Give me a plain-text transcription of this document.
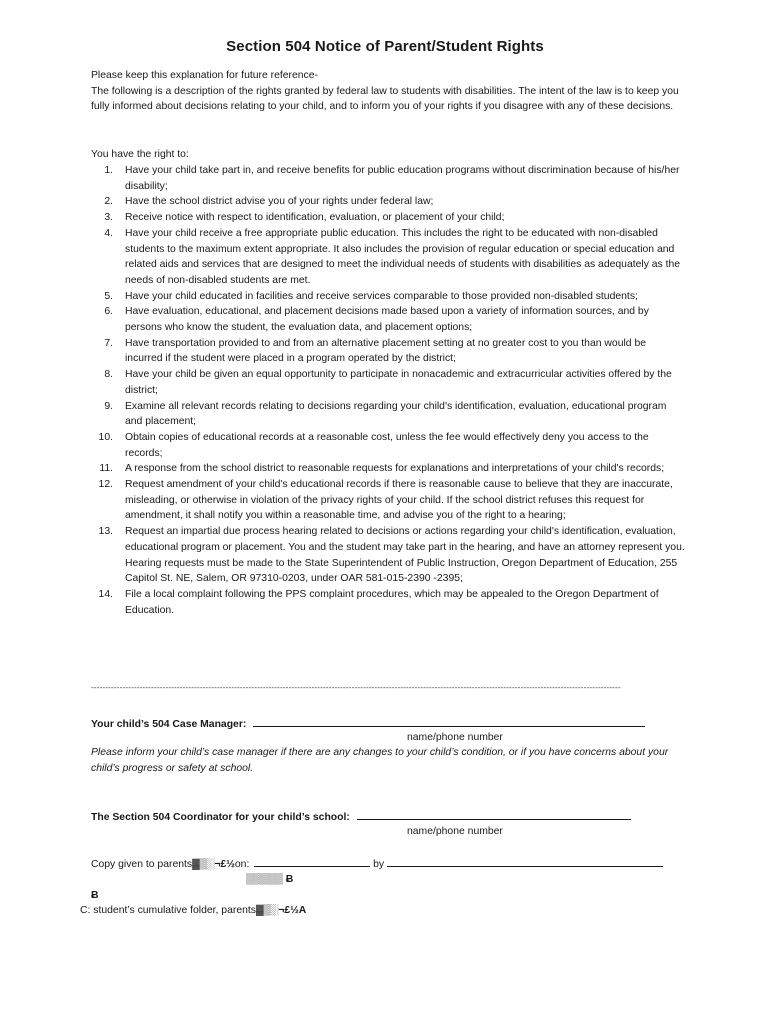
Section 504 Notice of Parent/Student Rights

Please keep this explanation for future reference-

The following is a description of the rights granted by federal law to students with disabilities. The intent of the law is to keep you fully informed about decisions relating to your child, and to inform you of your rights if you disagree with any of these decisions.

You have the right to:
1. Have your child take part in, and receive benefits for public education programs without discrimination because of his/her disability;
2. Have the school district advise you of your rights under federal law;
3. Receive notice with respect to identification, evaluation, or placement of your child;
4. Have your child receive a free appropriate public education. This includes the right to be educated with non-disabled students to the maximum extent appropriate. It also includes the provision of regular education or special education and related aids and services that are designed to meet the individual needs of students with disabilities as adequately as the needs of non-disabled students are met.
5. Have your child educated in facilities and receive services comparable to those provided non-disabled students;
6. Have evaluation, educational, and placement decisions made based upon a variety of information sources, and by persons who know the student, the evaluation data, and placement options;
7. Have transportation provided to and from an alternative placement setting at no greater cost to you than would be incurred if the student were placed in a program operated by the district;
8. Have your child be given an equal opportunity to participate in nonacademic and extracurricular activities offered by the district;
9. Examine all relevant records relating to decisions regarding your child's identification, evaluation, educational program and placement;
10. Obtain copies of educational records at a reasonable cost, unless the fee would effectively deny you access to the records;
11. A response from the school district to reasonable requests for explanations and interpretations of your child's records;
12. Request amendment of your child's educational records if there is reasonable cause to believe that they are inaccurate, misleading, or otherwise in violation of the privacy rights of your child. If the school district refuses this request for amendment, it shall notify you within a reasonable time, and advise you of the right to a hearing;
13. Request an impartial due process hearing related to decisions or actions regarding your child's identification, evaluation, educational program or placement. You and the student may take part in the hearing, and have an attorney represent you. Hearing requests must be made to the State Superintendent of Public Instruction, Oregon Department of Education, 255 Capitol St. NE, Salem, OR 97310-0203, under OAR 581-015-2390 -2395;
14. File a local complaint following the PPS complaint procedures, which may be appealed to the Oregon Department of Education.
-----------------------------------------------------------------------------------------------------------------------------------------------------------------------------------------
Your child’s 504 Case Manager:
name/phone number
Please inform your child’s case manager if there are any changes to your child’s condition, or if you have concerns about your child’s progress or safety at school.
The Section 504 Coordinator for your child’s school:
name/phone number
Copy given to parents▓▒░¬£½on:	by
▒▒▒▒▒ Ƀ
Ƀ
C: student’s cumulative folder, parents▓▒░¬£½A
